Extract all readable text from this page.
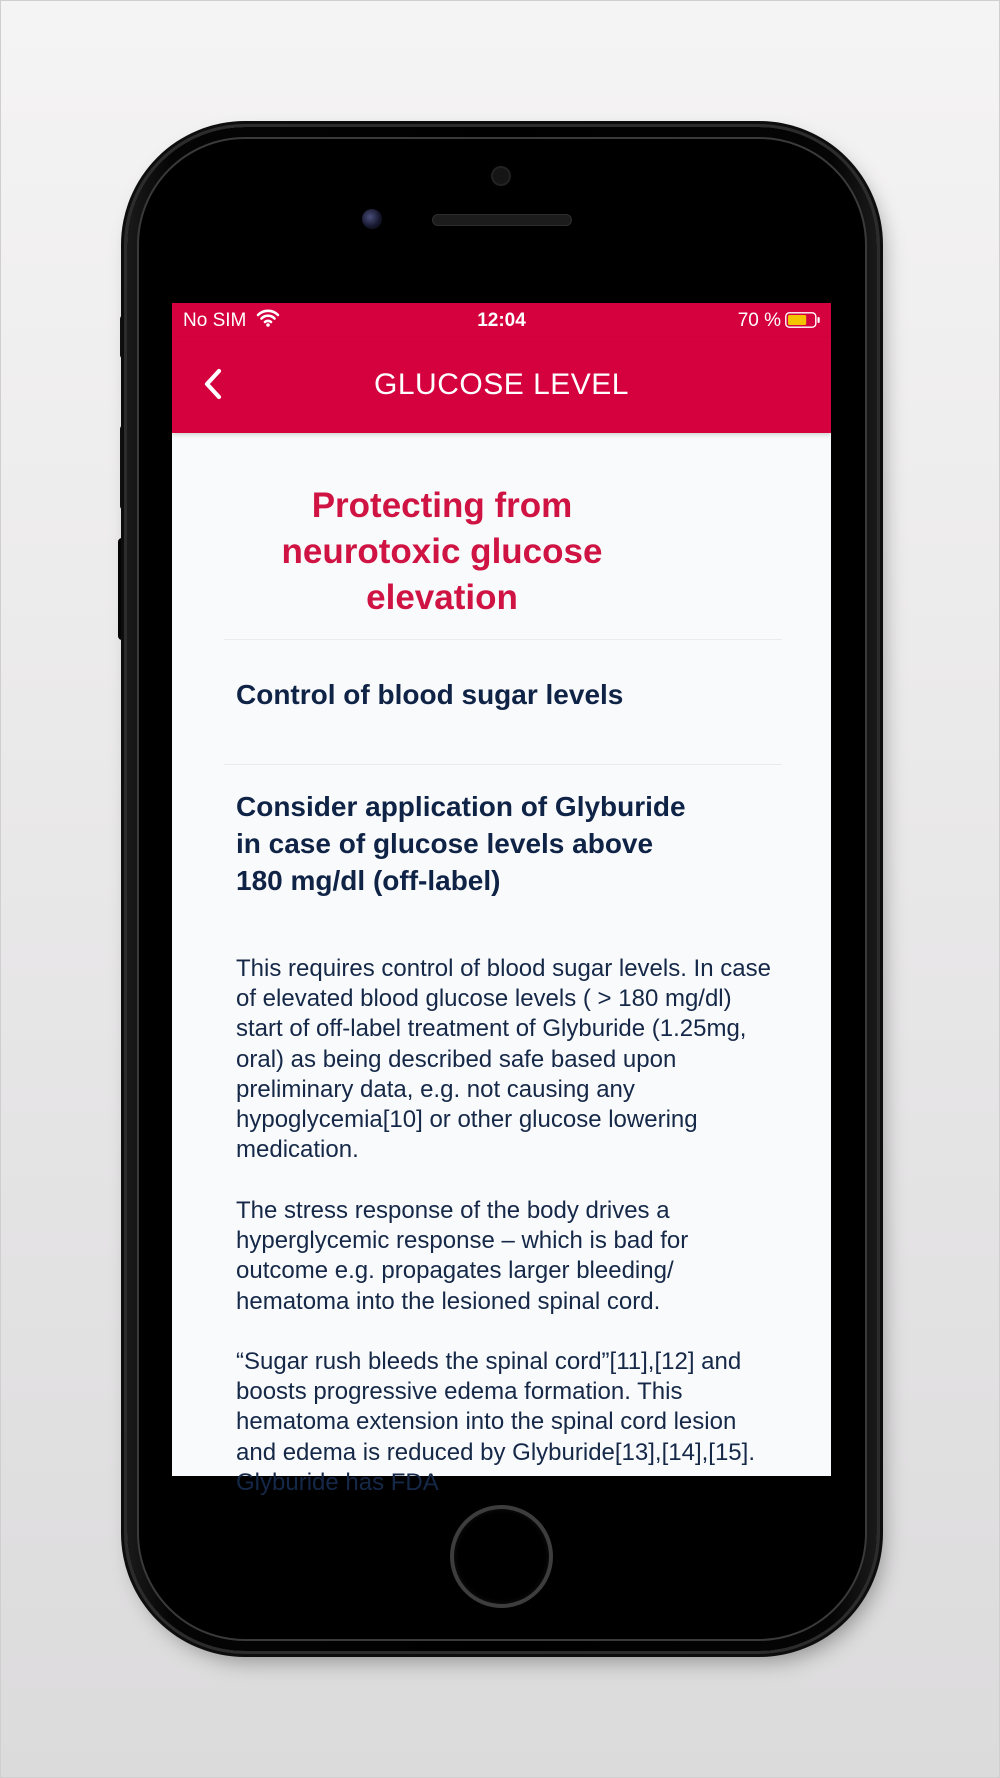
No SIM	12:04	70 %
GLUCOSE LEVEL
Protecting from neurotoxic glucose elevation
Control of blood sugar levels
Consider application of Glyburide in case of glucose levels above 180 mg/dl (off-label)
This requires control of blood sugar levels. In case of elevated blood glucose levels ( > 180 mg/dl) start of off-label treatment of Glyburide (1.25mg, oral) as being described safe based upon preliminary data, e.g. not causing any hypoglycemia[10] or other glucose lowering medication.
The stress response of the body drives a hyperglycemic response – which is bad for outcome e.g. propagates larger bleeding/ hematoma into the lesioned spinal cord.
“Sugar rush bleeds the spinal cord”[11],[12] and boosts progressive edema formation. This hematoma extension into the spinal cord lesion and edema is reduced by Glyburide[13],[14],[15]. Glyburide has FDA
